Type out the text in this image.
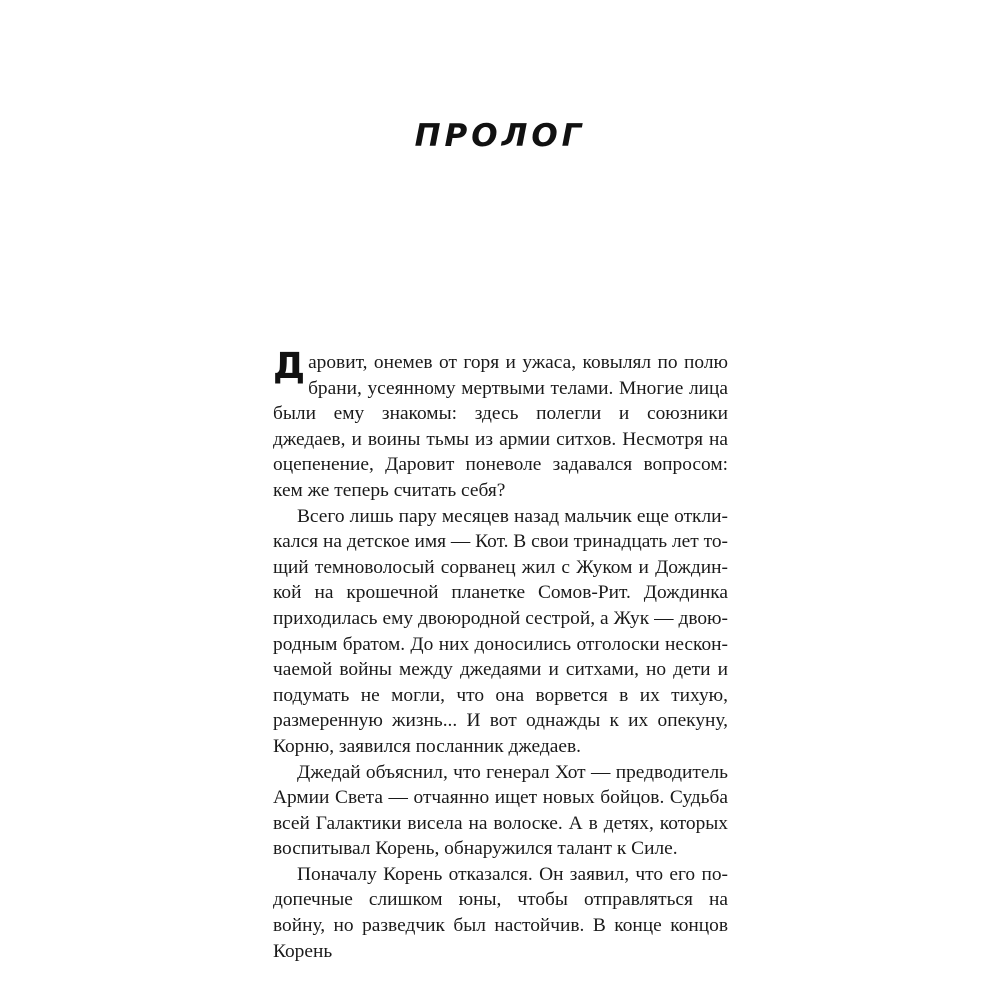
ПРОЛОГ

Даровит, онемев от горя и ужаса, ковылял по полю брани, усеянному мертвыми телами. Многие лица были ему знакомы: здесь полегли и союзники джедаев, и воины тьмы из армии ситхов. Несмотря на оцепенение, Даровит поневоле задавался вопросом: кем же теперь считать себя?

Всего лишь пару месяцев назад мальчик еще откликался на детское имя — Кот. В свои тринадцать лет тощий темноволосый сорванец жил с Жуком и Дождинкой на крошечной планетке Сомов-Рит. Дождинка приходилась ему двоюродной сестрой, а Жук — двоюродным братом. До них доносились отголоски нескончаемой войны между джедаями и ситхами, но дети и подумать не могли, что она ворвется в их тихую, размеренную жизнь... И вот однажды к их опекуну, Корню, заявился посланник джедаев.

Джедай объяснил, что генерал Хот — предводитель Армии Света — отчаянно ищет новых бойцов. Судьба всей Галактики висела на волоске. А в детях, которых воспитывал Корень, обнаружился талант к Силе.

Поначалу Корень отказался. Он заявил, что его подопечные слишком юны, чтобы отправляться на войну, но разведчик был настойчив. В конце концов Корень
